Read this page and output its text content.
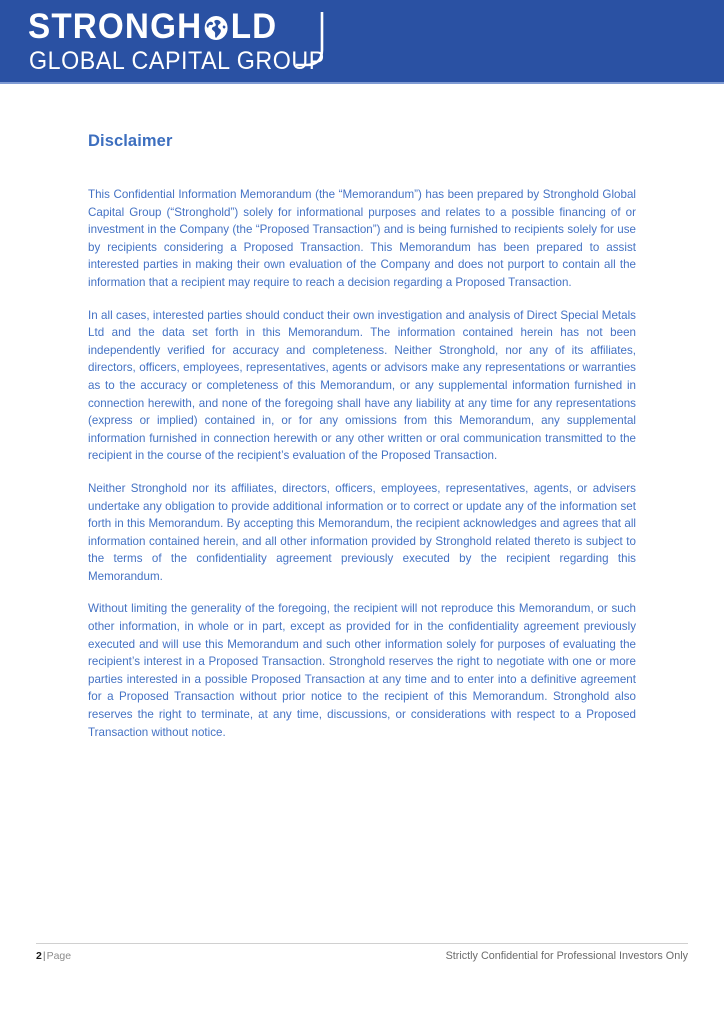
STRONGH LD
GLOBAL CAPITAL GROUP
Disclaimer

This Confidential Information Memorandum (the “Memorandum”) has been prepared by Stronghold Global Capital Group (“Stronghold”) solely for informational purposes and relates to a possible financing of or investment in the Company (the “Proposed Transaction”) and is being furnished to recipients solely for use by recipients considering a Proposed Transaction. This Memorandum has been prepared to assist interested parties in making their own evaluation of the Company and does not purport to contain all the information that a recipient may require to reach a decision regarding a Proposed Transaction.

In all cases, interested parties should conduct their own investigation and analysis of Direct Special Metals Ltd and the data set forth in this Memorandum. The information contained herein has not been independently verified for accuracy and completeness. Neither Stronghold, nor any of its affiliates, directors, officers, employees, representatives, agents or advisors make any representations or warranties as to the accuracy or completeness of this Memorandum, or any supplemental information furnished in connection herewith, and none of the foregoing shall have any liability at any time for any representations (express or implied) contained in, or for any omissions from this Memorandum, any supplemental information furnished in connection herewith or any other written or oral communication transmitted to the recipient in the course of the recipient’s evaluation of the Proposed Transaction.

Neither Stronghold nor its affiliates, directors, officers, employees, representatives, agents, or advisers undertake any obligation to provide additional information or to correct or update any of the information set forth in this Memorandum. By accepting this Memorandum, the recipient acknowledges and agrees that all information contained herein, and all other information provided by Stronghold related thereto is subject to the terms of the confidentiality agreement previously executed by the recipient regarding this Memorandum.

Without limiting the generality of the foregoing, the recipient will not reproduce this Memorandum, or such other information, in whole or in part, except as provided for in the confidentiality agreement previously executed and will use this Memorandum and such other information solely for purposes of evaluating the recipient’s interest in a Proposed Transaction. Stronghold reserves the right to negotiate with one or more parties interested in a possible Proposed Transaction at any time and to enter into a definitive agreement for a Proposed Transaction without prior notice to the recipient of this Memorandum. Stronghold also reserves the right to terminate, at any time, discussions, or considerations with respect to a Proposed Transaction without notice.

2|Page	Strictly Confidential for Professional Investors Only
